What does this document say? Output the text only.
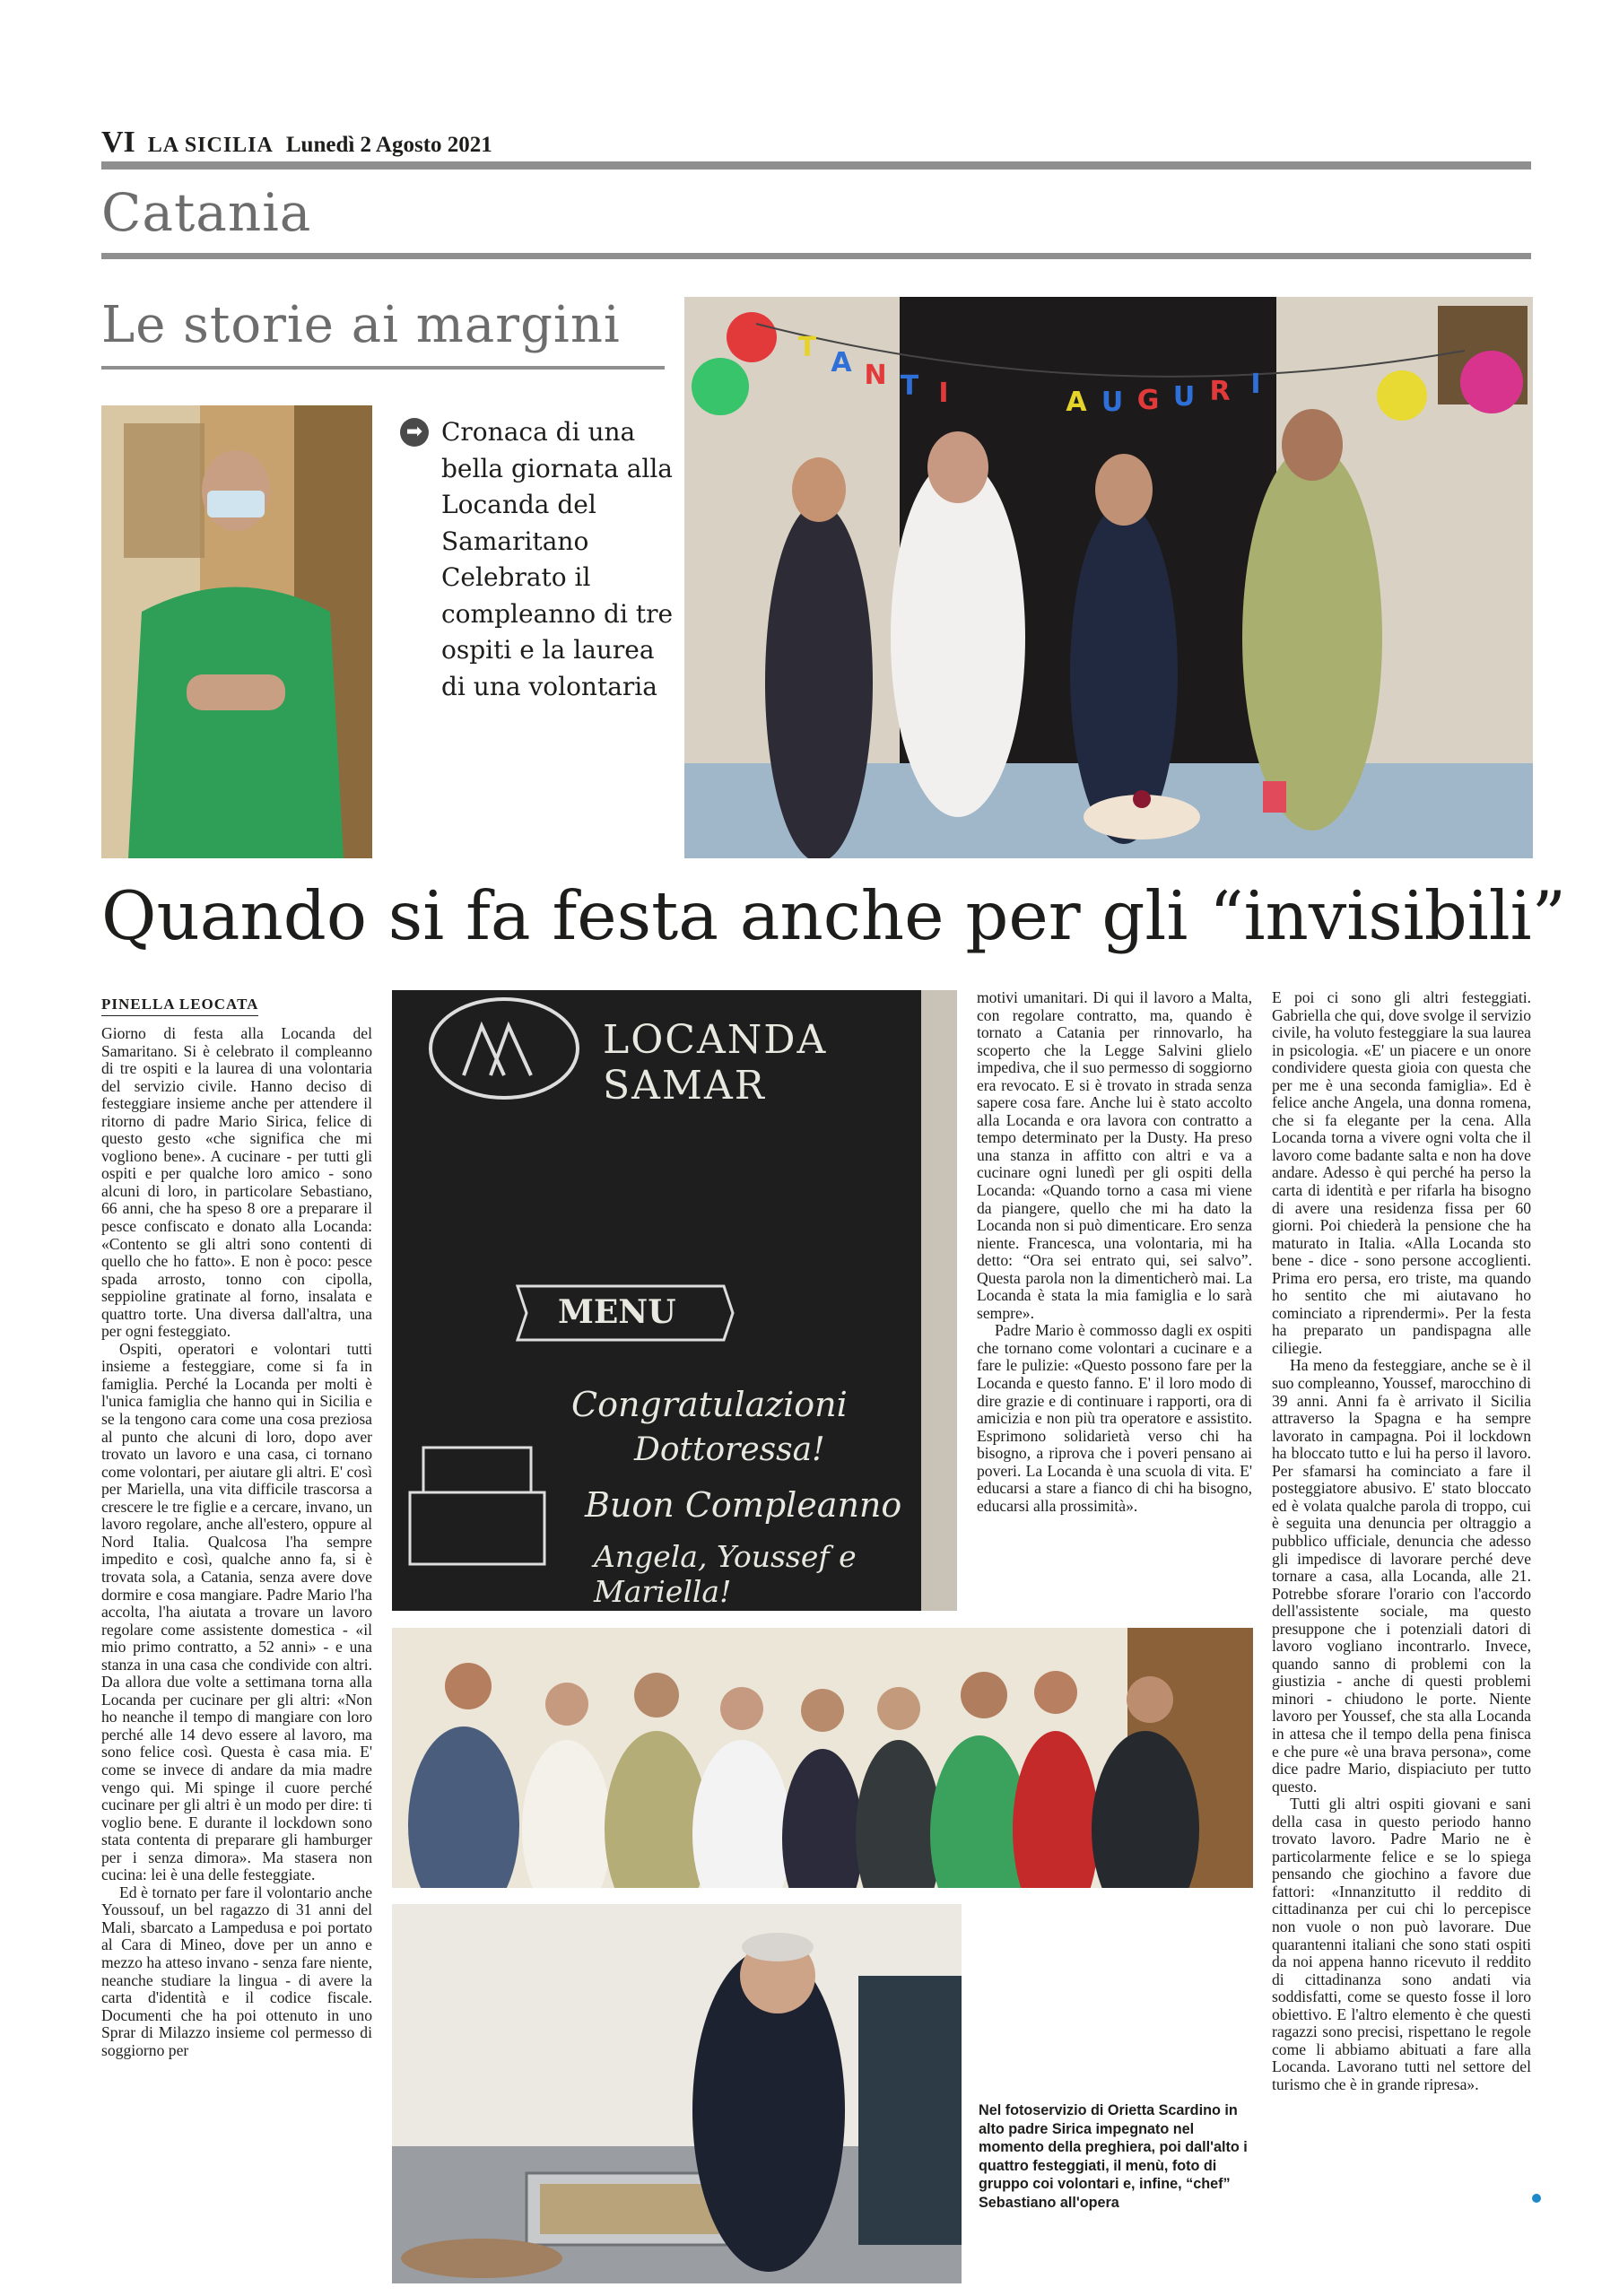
VI LA SICILIA Lunedì 2 Agosto 2021
Catania
Le storie ai margini
➡ Cronaca di una bella giornata alla Locanda del Samaritano Celebrato il compleanno di tre ospiti e la laurea di una volontaria
T A N T I	A U G U R I
Quando si fa festa anche per gli “invisibili”
PINELLA LEOCATA

Giorno di festa alla Locanda del Samaritano. Si è celebrato il compleanno di tre ospiti e la laurea di una volontaria del servizio civile. Hanno deciso di festeggiare insieme anche per attendere il ritorno di padre Mario Sirica, felice di questo gesto «che significa che mi vogliono bene». A cucinare - per tutti gli ospiti e per qualche loro amico - sono alcuni di loro, in particolare Sebastiano, 66 anni, che ha speso 8 ore a preparare il pesce confiscato e donato alla Locanda: «Contento se gli altri sono contenti di quello che ho fatto». E non è poco: pesce spada arrosto, tonno con cipolla, seppioline gratinate al forno, insalata e quattro torte. Una diversa dall'altra, una per ogni festeggiato.

Ospiti, operatori e volontari tutti insieme a festeggiare, come si fa in famiglia. Perché la Locanda per molti è l'unica famiglia che hanno qui in Sicilia e se la tengono cara come una cosa preziosa al punto che alcuni di loro, dopo aver trovato un lavoro e una casa, ci tornano come volontari, per aiutare gli altri. E' così per Mariella, una vita difficile trascorsa a crescere le tre figlie e a cercare, invano, un lavoro regolare, anche all'estero, oppure al Nord Italia. Qualcosa l'ha sempre impedito e così, qualche anno fa, si è trovata sola, a Catania, senza avere dove dormire e cosa mangiare. Padre Mario l'ha accolta, l'ha aiutata a trovare un lavoro regolare come assistente domestica - «il mio primo contratto, a 52 anni» - e una stanza in una casa che condivide con altri. Da allora due volte a settimana torna alla Locanda per cucinare per gli altri: «Non ho neanche il tempo di mangiare con loro perché alle 14 devo essere al lavoro, ma sono felice così. Questa è casa mia. E' come se invece di andare da mia madre vengo qui. Mi spinge il cuore perché cucinare per gli altri è un modo per dire: ti voglio bene. E durante il lockdown sono stata contenta di preparare gli hamburger per i senza dimora». Ma stasera non cucina: lei è una delle festeggiate.

Ed è tornato per fare il volontario anche Youssouf, un bel ragazzo di 31 anni del Mali, sbarcato a Lampedusa e poi portato al Cara di Mineo, dove per un anno e mezzo ha atteso invano - senza fare niente, neanche studiare la lingua - di avere la carta d'identità e il codice fiscale. Documenti che ha poi ottenuto in uno Sprar di Milazzo insieme col permesso di soggiorno per

LOCANDA SAMAR
MENU
Congratulazioni
Dottoressa!
Buon Compleanno
Angela, Youssef e Mariella!

motivi umanitari. Di qui il lavoro a Malta, con regolare contratto, ma, quando è tornato a Catania per rinnovarlo, ha scoperto che la Legge Salvini glielo impediva, che il suo permesso di soggiorno era revocato. E si è trovato in strada senza sapere cosa fare. Anche lui è stato accolto alla Locanda e ora lavora con contratto a tempo determinato per la Dusty. Ha preso una stanza in affitto con altri e va a cucinare ogni lunedì per gli ospiti della Locanda: «Quando torno a casa mi viene da piangere, quello che mi ha dato la Locanda non si può dimenticare. Ero senza niente. Francesca, una volontaria, mi ha detto: “Ora sei entrato qui, sei salvo”. Questa parola non la dimenticherò mai. La Locanda è stata la mia famiglia e lo sarà sempre».

Padre Mario è commosso dagli ex ospiti che tornano come volontari a cucinare e a fare le pulizie: «Questo possono fare per la Locanda e questo fanno. E' il loro modo di dire grazie e di continuare i rapporti, ora di amicizia e non più tra operatore e assistito. Esprimono solidarietà verso chi ha bisogno, a riprova che i poveri pensano ai poveri. La Locanda è una scuola di vita. E' educarsi a stare a fianco di chi ha bisogno, educarsi alla prossimità».

E poi ci sono gli altri festeggiati. Gabriella che qui, dove svolge il servizio civile, ha voluto festeggiare la sua laurea in psicologia. «E' un piacere e un onore condividere questa gioia con questa che per me è una seconda famiglia». Ed è felice anche Angela, una donna romena, che si fa elegante per la cena. Alla Locanda torna a vivere ogni volta che il lavoro come badante salta e non ha dove andare. Adesso è qui perché ha perso la carta di identità e per rifarla ha bisogno di avere una residenza fissa per 60 giorni. Poi chiederà la pensione che ha maturato in Italia. «Alla Locanda sto bene - dice - sono persone accoglienti. Prima ero persa, ero triste, ma quando ho sentito che mi aiutavano ho cominciato a riprendermi». Per la festa ha preparato un pandispagna alle ciliegie.

Ha meno da festeggiare, anche se è il suo compleanno, Youssef, marocchino di 39 anni. Anni fa è arrivato il Sicilia attraverso la Spagna e ha sempre lavorato in campagna. Poi il lockdown ha bloccato tutto e lui ha perso il lavoro. Per sfamarsi ha cominciato a fare il posteggiatore abusivo. E' stato bloccato ed è volata qualche parola di troppo, cui è seguita una denuncia per oltraggio a pubblico ufficiale, denuncia che adesso gli impedisce di lavorare perché deve tornare a casa, alla Locanda, alle 21. Potrebbe sforare l'orario con l'accordo dell'assistente sociale, ma questo presuppone che i potenziali datori di lavoro vogliano incontrarlo. Invece, quando sanno di problemi con la giustizia - anche di questi problemi minori - chiudono le porte. Niente lavoro per Youssef, che sta alla Locanda in attesa che il tempo della pena finisca e che pure «è una brava persona», come dice padre Mario, dispiaciuto per tutto questo.

Tutti gli altri ospiti giovani e sani della casa in questo periodo hanno trovato lavoro. Padre Mario ne è particolarmente felice e se lo spiega pensando che giochino a favore due fattori: «Innanzitutto il reddito di cittadinanza per cui chi lo percepisce non vuole o non può lavorare. Due quarantenni italiani che sono stati ospiti da noi appena hanno ricevuto il reddito di cittadinanza sono andati via soddisfatti, come se questo fosse il loro obiettivo. E l'altro elemento è che questi ragazzi sono precisi, rispettano le regole come li abbiamo abituati a fare alla Locanda. Lavorano tutti nel settore del turismo che è in grande ripresa».

Nel fotoservizio di Orietta Scardino in alto padre Sirica impegnato nel momento della preghiera, poi dall'alto i quattro festeggiati, il menù, foto di gruppo coi volontari e, infine, “chef” Sebastiano all'opera
